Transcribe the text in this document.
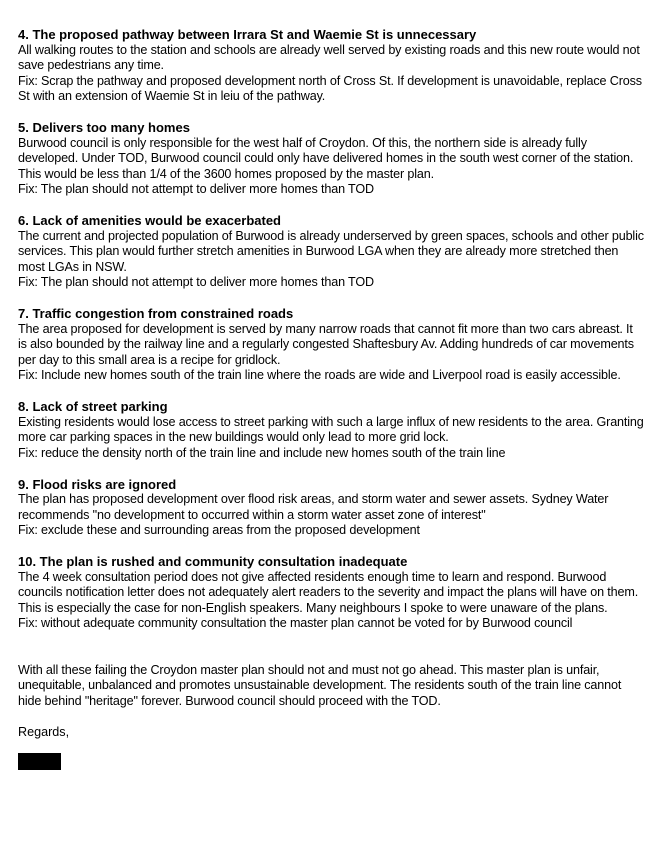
4. The proposed pathway between Irrara St and Waemie St is unnecessary

All walking routes to the station and schools are already well served by existing roads and this new route would not save pedestrians any time.

Fix: Scrap the pathway and proposed development north of Cross St. If development is unavoidable, replace Cross St with an extension of Waemie St in leiu of the pathway.

5. Delivers too many homes

Burwood council is only responsible for the west half of Croydon. Of this, the northern side is already fully developed. Under TOD, Burwood council could only have delivered homes in the south west corner of the station. This would be less than 1/4 of the 3600 homes proposed by the master plan.

Fix: The plan should not attempt to deliver more homes than TOD

6. Lack of amenities would be exacerbated

The current and projected population of Burwood is already underserved by green spaces, schools and other public services. This plan would further stretch amenities in Burwood LGA when they are already more stretched then most LGAs in NSW.

Fix: The plan should not attempt to deliver more homes than TOD

7. Traffic congestion from constrained roads

The area proposed for development is served by many narrow roads that cannot fit more than two cars abreast. It is also bounded by the railway line and a regularly congested Shaftesbury Av. Adding hundreds of car movements per day to this small area is a recipe for gridlock.

Fix: Include new homes south of the train line where the roads are wide and Liverpool road is easily accessible.

8. Lack of street parking

Existing residents would lose access to street parking with such a large influx of new residents to the area. Granting more car parking spaces in the new buildings would only lead to more grid lock.

Fix: reduce the density north of the train line and include new homes south of the train line

9. Flood risks are ignored

The plan has proposed development over flood risk areas, and storm water and sewer assets. Sydney Water recommends "no development to occurred within a storm water asset zone of interest"

Fix: exclude these and surrounding areas from the proposed development

10. The plan is rushed and community consultation inadequate

The 4 week consultation period does not give affected residents enough time to learn and respond. Burwood councils notification letter does not adequately alert readers to the severity and impact the plans will have on them. This is especially the case for non-English speakers. Many neighbours I spoke to were unaware of the plans.

Fix: without adequate community consultation the master plan cannot be voted for by Burwood council

With all these failing the Croydon master plan should not and must not go ahead. This master plan is unfair, unequitable, unbalanced and promotes unsustainable development. The residents south of the train line cannot hide behind "heritage" forever. Burwood council should proceed with the TOD.

Regards,
